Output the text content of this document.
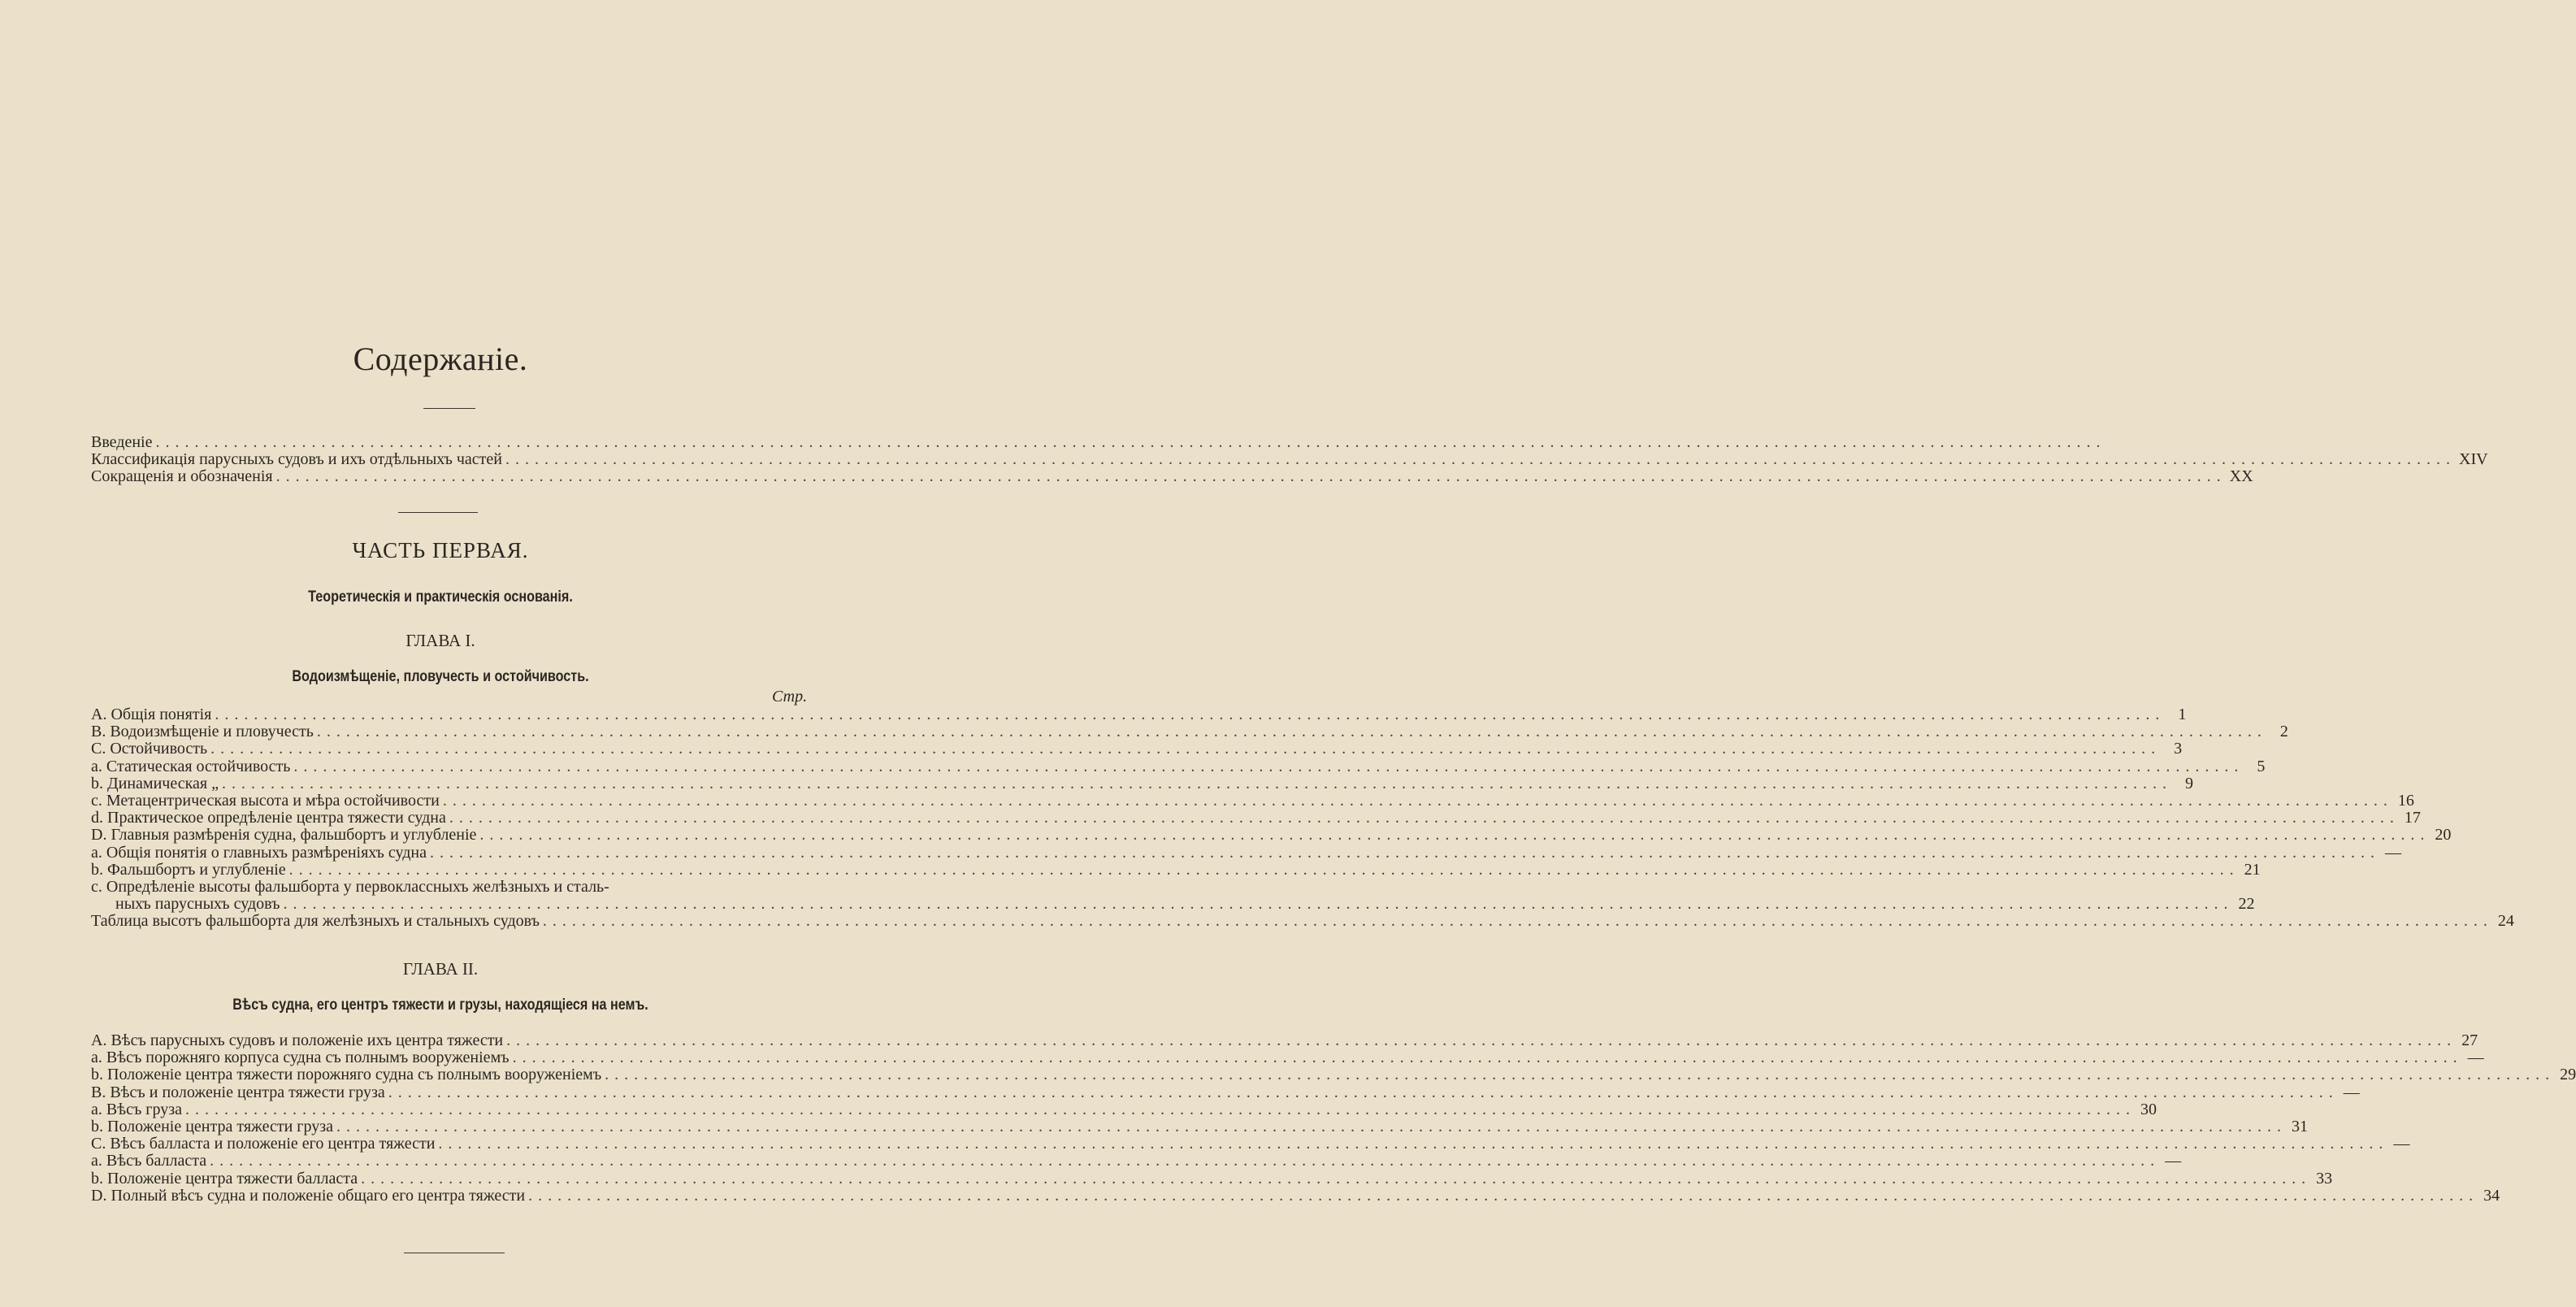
Содержаніе.
Введеніе ........................................................................................................................................................................................................
Классификація парусныхъ судовъ и ихъ отдѣльныхъ частей ........................................................................................................................................................................................................ XIV
Сокращенія и обозначенія ........................................................................................................................................................................................................ XX
ЧАСТЬ ПЕРВАЯ.
Теоретическія и практическія основанія.
ГЛАВА I.
Водоизмѣщеніе, пловучесть и остойчивость.
Стр.
A. Общія понятія ........................................................................................................................................................................................................ 1
B. Водоизмѣщеніе и пловучесть ........................................................................................................................................................................................................ 2
C. Остойчивость ........................................................................................................................................................................................................ 3
a. Статическая остойчивость ........................................................................................................................................................................................................ 5
b. Динамическая „ ........................................................................................................................................................................................................ 9
c. Метацентрическая высота и мѣра остойчивости ........................................................................................................................................................................................................ 16
d. Практическое опредѣленіе центра тяжести судна ........................................................................................................................................................................................................ 17
D. Главныя размѣренія судна, фальшбортъ и углубленіе ........................................................................................................................................................................................................ 20
a. Общія понятія о главныхъ размѣреніяхъ судна ........................................................................................................................................................................................................ —
b. Фальшбортъ и углубленіе ........................................................................................................................................................................................................ 21
c. Опредѣленіе высоты фальшборта у первоклассныхъ желѣзныхъ и сталь-
ныхъ парусныхъ судовъ ........................................................................................................................................................................................................ 22
Таблица высотъ фальшборта для желѣзныхъ и стальныхъ судовъ ........................................................................................................................................................................................................ 24
ГЛАВА II.
Вѣсъ судна, его центръ тяжести и грузы, находящіеся на немъ.
A. Вѣсъ парусныхъ судовъ и положеніе ихъ центра тяжести ........................................................................................................................................................................................................ 27
a. Вѣсъ порожняго корпуса судна съ полнымъ вооруженіемъ ........................................................................................................................................................................................................ —
b. Положеніе центра тяжести порожняго судна съ полнымъ вооруженіемъ ........................................................................................................................................................................................................ 29
B. Вѣсъ и положеніе центра тяжести груза ........................................................................................................................................................................................................ —
a. Вѣсъ груза ........................................................................................................................................................................................................ 30
b. Положеніе центра тяжести груза ........................................................................................................................................................................................................ 31
C. Вѣсъ балласта и положеніе его центра тяжести ........................................................................................................................................................................................................ —
a. Вѣсъ балласта ........................................................................................................................................................................................................ —
b. Положеніе центра тяжести балласта ........................................................................................................................................................................................................ 33
D. Полный вѣсъ судна и положеніе общаго его центра тяжести ........................................................................................................................................................................................................ 34
